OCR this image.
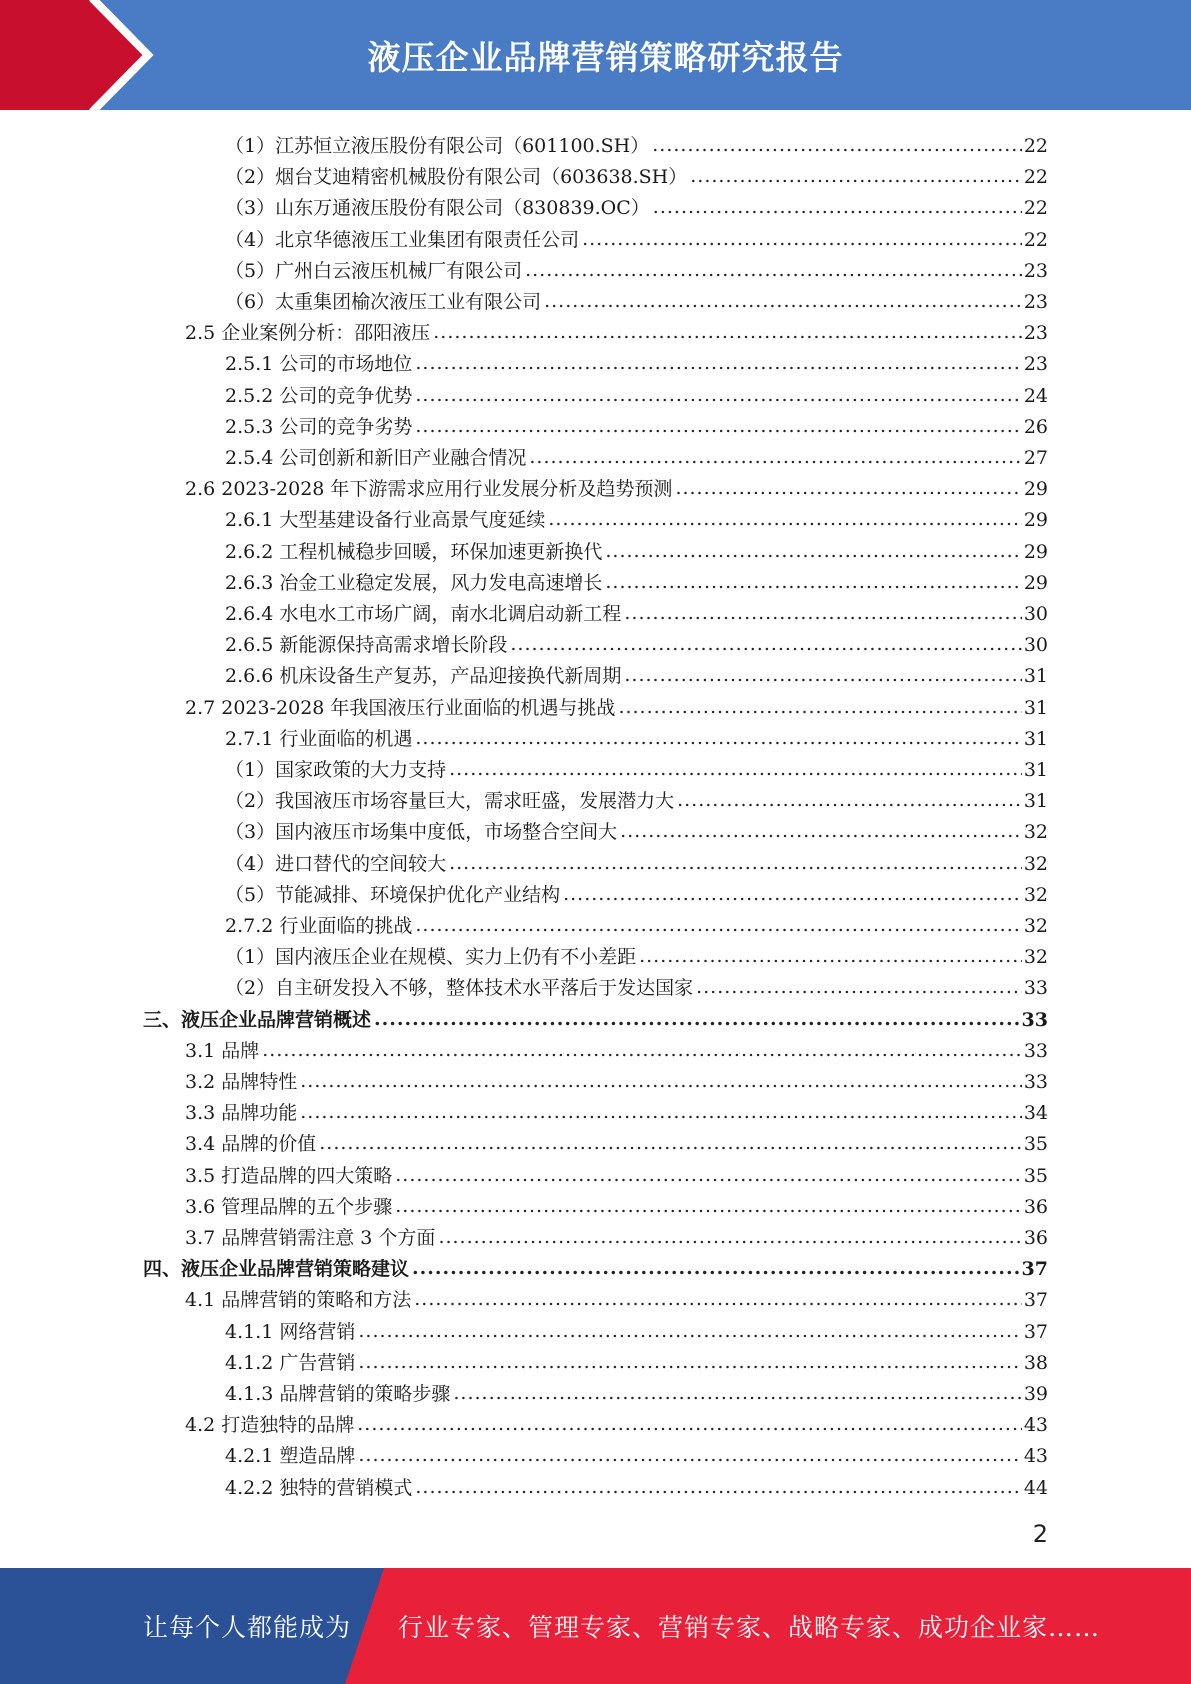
液压企业品牌营销策略研究报告
（1）江苏恒立液压股份有限公司（601100.SH） .....	22
（2）烟台艾迪精密机械股份有限公司（603638.SH） .....	22
（3）山东万通液压股份有限公司（830839.OC） .....	22
（4）北京华德液压工业集团有限责任公司 .....	22
（5）广州白云液压机械厂有限公司 .....	23
（6）太重集团榆次液压工业有限公司 .....	23
2.5 企业案例分析：邵阳液压 .....	23
2.5.1 公司的市场地位 .....	23
2.5.2 公司的竞争优势 .....	24
2.5.3 公司的竞争劣势 .....	26
2.5.4 公司创新和新旧产业融合情况 .....	27
2.6 2023-2028 年下游需求应用行业发展分析及趋势预测 .....	29
2.6.1 大型基建设备行业高景气度延续 .....	29
2.6.2 工程机械稳步回暖，环保加速更新换代 .....	29
2.6.3 冶金工业稳定发展，风力发电高速增长 .....	29
2.6.4 水电水工市场广阔，南水北调启动新工程 .....	30
2.6.5 新能源保持高需求增长阶段 .....	30
2.6.6 机床设备生产复苏，产品迎接换代新周期 .....	31
2.7 2023-2028 年我国液压行业面临的机遇与挑战 .....	31
2.7.1 行业面临的机遇 .....	31
（1）国家政策的大力支持 .....	31
（2）我国液压市场容量巨大，需求旺盛，发展潜力大 .....	31
（3）国内液压市场集中度低，市场整合空间大 .....	32
（4）进口替代的空间较大 .....	32
（5）节能减排、环境保护优化产业结构 .....	32
2.7.2 行业面临的挑战 .....	32
（1）国内液压企业在规模、实力上仍有不小差距 .....	32
（2）自主研发投入不够，整体技术水平落后于发达国家 .....	33
三、液压企业品牌营销概述 .....	33
3.1 品牌 .....	33
3.2 品牌特性 .....	33
3.3 品牌功能 .....	34
3.4 品牌的价值 .....	35
3.5 打造品牌的四大策略 .....	35
3.6 管理品牌的五个步骤 .....	36
3.7 品牌营销需注意 3 个方面 .....	36
四、液压企业品牌营销策略建议 .....	37
4.1 品牌营销的策略和方法 .....	37
4.1.1 网络营销 .....	37
4.1.2 广告营销 .....	38
4.1.3 品牌营销的策略步骤 .....	39
4.2 打造独特的品牌 .....	43
4.2.1 塑造品牌 .....	43
4.2.2 独特的营销模式 .....	44
2
让每个人都能成为 行业专家、管理专家、营销专家、战略专家、成功企业家……
